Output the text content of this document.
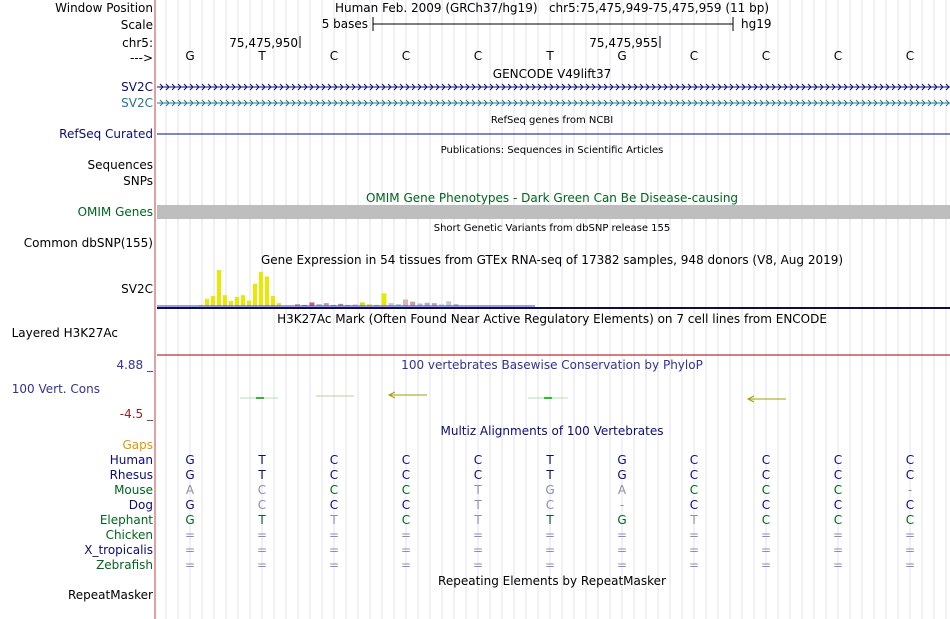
Window Position	Human Feb. 2009 (GRCh37/hg19)   chr5:75,475,949-75,475,959 (11 bp)
Scale	5 bases	hg19
chr5:	75,475,950	75,475,955
--->	G	T	C	C	C	T	G	C	C	C	C
GENCODE V49lift37
SV2C
SV2C
RefSeq genes from NCBI
RefSeq Curated
Publications: Sequences in Scientific Articles
Sequences
SNPs
OMIM Gene Phenotypes - Dark Green Can Be Disease-causing
OMIM Genes
Short Genetic Variants from dbSNP release 155
Common dbSNP(155)
Gene Expression in 54 tissues from GTEx RNA-seq of 17382 samples, 948 donors (V8, Aug 2019)
SV2C
H3K27Ac Mark (Often Found Near Active Regulatory Elements) on 7 cell lines from ENCODE
Layered H3K27Ac
100 vertebrates Basewise Conservation by PhyloP
4.88 _
100 Vert. Cons
-4.5 _
Multiz Alignments of 100 Vertebrates
Gaps
Human	G	T	C	C	C	T	G	C	C	C	C
Rhesus	G	T	C	C	C	T	G	C	C	C	C
Mouse	A	C	C	C	T	G	A	C	C	C	-
Dog	G	C	C	C	T	C	-	C	C	C	C
Elephant	G	T	T	C	T	T	G	T	C	C	C
Chicken	=	=	=	=	=	=	=	=	=	=	=
X_tropicalis	=	=	=	=	=	=	=	=	=	=	=
Zebrafish	=	=	=	=	=	=	=	=	=	=	=
Repeating Elements by RepeatMasker
RepeatMasker
